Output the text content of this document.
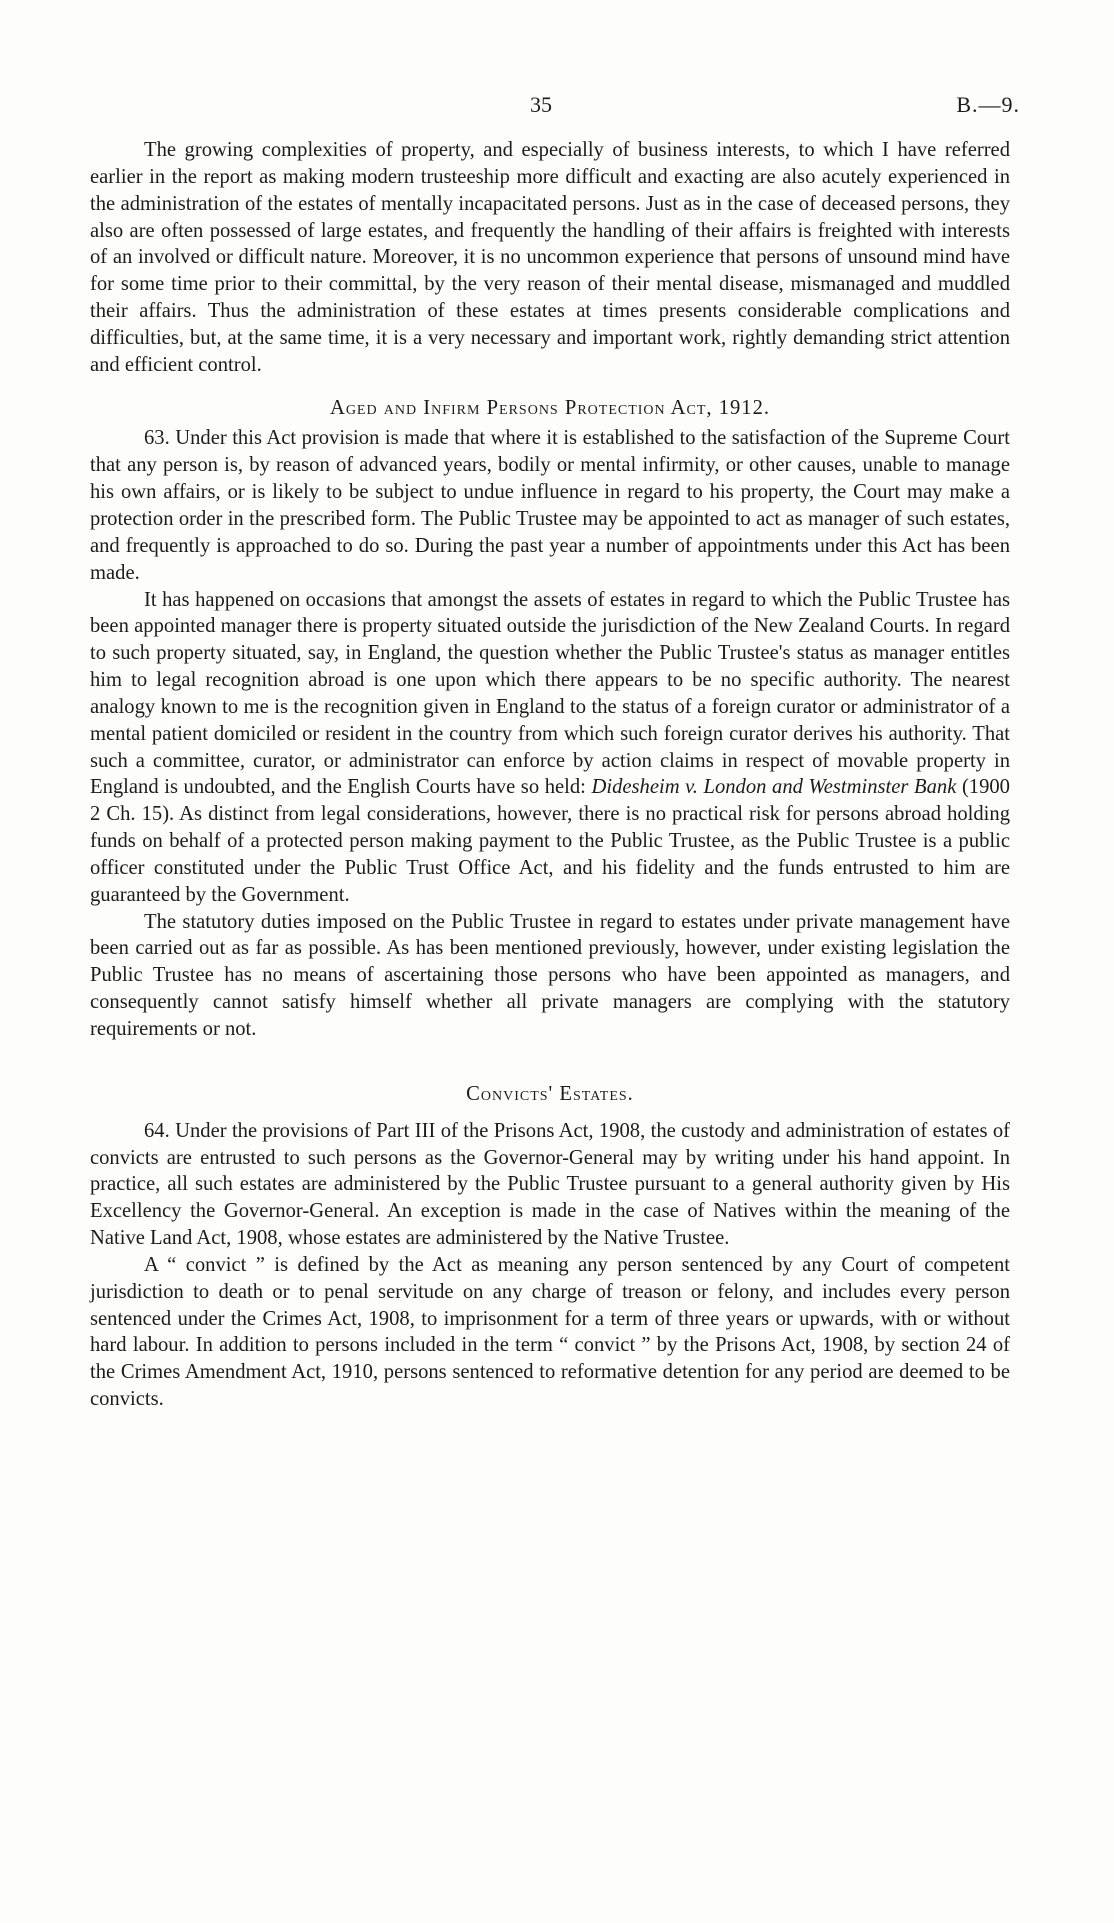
35	B.—9.

The growing complexities of property, and especially of business interests, to which I have referred earlier in the report as making modern trusteeship more difficult and exacting are also acutely experienced in the administration of the estates of mentally incapacitated persons. Just as in the case of deceased persons, they also are often possessed of large estates, and frequently the handling of their affairs is freighted with interests of an involved or difficult nature. Moreover, it is no uncommon experience that persons of unsound mind have for some time prior to their committal, by the very reason of their mental disease, mismanaged and muddled their affairs. Thus the administration of these estates at times presents considerable complications and difficulties, but, at the same time, it is a very necessary and important work, rightly demanding strict attention and efficient control.

Aged and Infirm Persons Protection Act, 1912.

63. Under this Act provision is made that where it is established to the satisfaction of the Supreme Court that any person is, by reason of advanced years, bodily or mental infirmity, or other causes, unable to manage his own affairs, or is likely to be subject to undue influence in regard to his property, the Court may make a protection order in the prescribed form. The Public Trustee may be appointed to act as manager of such estates, and frequently is approached to do so. During the past year a number of appointments under this Act has been made.

It has happened on occasions that amongst the assets of estates in regard to which the Public Trustee has been appointed manager there is property situated outside the jurisdiction of the New Zealand Courts. In regard to such property situated, say, in England, the question whether the Public Trustee's status as manager entitles him to legal recognition abroad is one upon which there appears to be no specific authority. The nearest analogy known to me is the recognition given in England to the status of a foreign curator or administrator of a mental patient domiciled or resident in the country from which such foreign curator derives his authority. That such a committee, curator, or administrator can enforce by action claims in respect of movable property in England is undoubted, and the English Courts have so held: Didesheim v. London and Westminster Bank (1900 2 Ch. 15). As distinct from legal considerations, however, there is no practical risk for persons abroad holding funds on behalf of a protected person making payment to the Public Trustee, as the Public Trustee is a public officer constituted under the Public Trust Office Act, and his fidelity and the funds entrusted to him are guaranteed by the Government.

The statutory duties imposed on the Public Trustee in regard to estates under private management have been carried out as far as possible. As has been mentioned previously, however, under existing legislation the Public Trustee has no means of ascertaining those persons who have been appointed as managers, and consequently cannot satisfy himself whether all private managers are complying with the statutory requirements or not.

Convicts' Estates.

64. Under the provisions of Part III of the Prisons Act, 1908, the custody and administration of estates of convicts are entrusted to such persons as the Governor-General may by writing under his hand appoint. In practice, all such estates are administered by the Public Trustee pursuant to a general authority given by His Excellency the Governor-General. An exception is made in the case of Natives within the meaning of the Native Land Act, 1908, whose estates are administered by the Native Trustee.

A “ convict ” is defined by the Act as meaning any person sentenced by any Court of competent jurisdiction to death or to penal servitude on any charge of treason or felony, and includes every person sentenced under the Crimes Act, 1908, to imprisonment for a term of three years or upwards, with or without hard labour. In addition to persons included in the term “ convict ” by the Prisons Act, 1908, by section 24 of the Crimes Amendment Act, 1910, persons sentenced to reformative detention for any period are deemed to be convicts.
